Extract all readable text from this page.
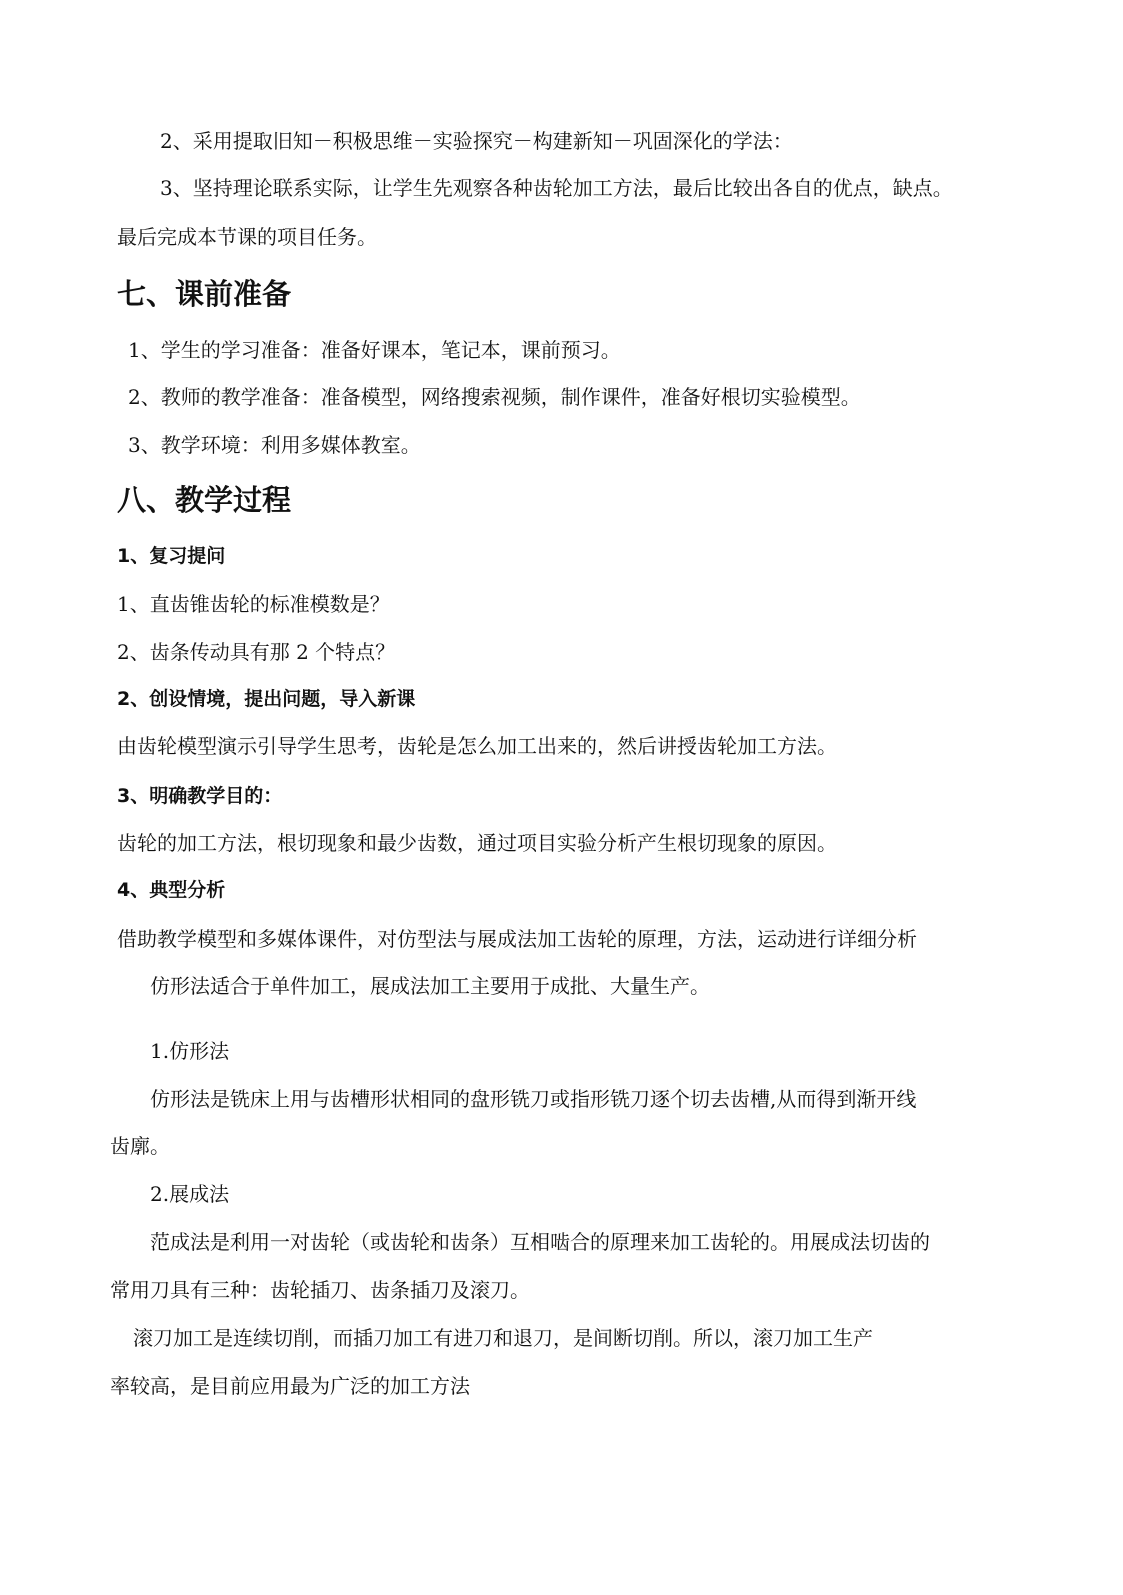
2、采用提取旧知－积极思维－实验探究－构建新知－巩固深化的学法：
3、坚持理论联系实际，让学生先观察各种齿轮加工方法，最后比较出各自的优点，缺点。
最后完成本节课的项目任务。
七、课前准备
1、学生的学习准备：准备好课本，笔记本，课前预习。
2、教师的教学准备：准备模型，网络搜索视频，制作课件，准备好根切实验模型。
3、教学环境：利用多媒体教室。
八、教学过程
1、复习提问
1、直齿锥齿轮的标准模数是？
2、齿条传动具有那 2 个特点？
2、创设情境，提出问题，导入新课
由齿轮模型演示引导学生思考，齿轮是怎么加工出来的，然后讲授齿轮加工方法。
3、明确教学目的：
齿轮的加工方法，根切现象和最少齿数，通过项目实验分析产生根切现象的原因。
4、典型分析
借助教学模型和多媒体课件，对仿型法与展成法加工齿轮的原理，方法，运动进行详细分析
仿形法适合于单件加工，展成法加工主要用于成批、大量生产。
1.仿形法
仿形法是铣床上用与齿槽形状相同的盘形铣刀或指形铣刀逐个切去齿槽,从而得到渐开线
齿廓。
2.展成法
范成法是利用一对齿轮（或齿轮和齿条）互相啮合的原理来加工齿轮的。用展成法切齿的
常用刀具有三种：齿轮插刀、齿条插刀及滚刀。
滚刀加工是连续切削，而插刀加工有进刀和退刀，是间断切削。所以，滚刀加工生产
率较高，是目前应用最为广泛的加工方法
